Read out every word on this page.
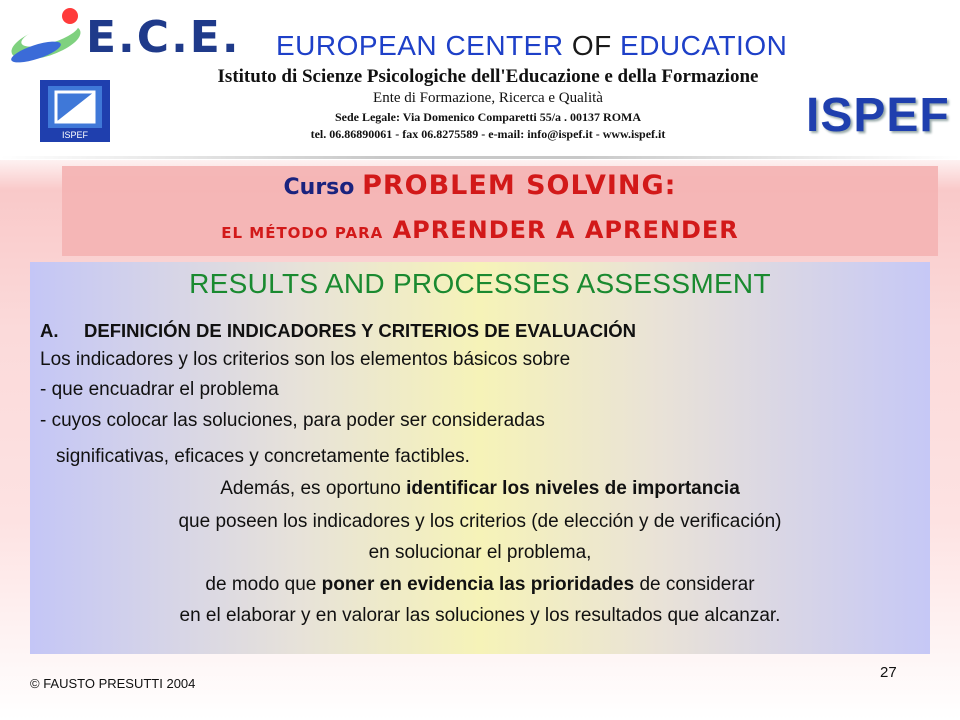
E.C.E. EUROPEAN CENTER OF EDUCATION
ISPEF
Istituto di Scienze Psicologiche dell'Educazione e della Formazione
Ente di Formazione, Ricerca e Qualità
Sede Legale: Via Domenico Comparetti 55/a . 00137 ROMA
tel. 06.86890061 - fax 06.8275589 - e-mail: info@ispef.it - www.ispef.it	ISPEF
Curso PROBLEM SOLVING:
EL MÉTODO PARA APRENDER A APRENDER
RESULTS AND PROCESSES ASSESSMENT
A. DEFINICIÓN DE INDICADORES Y CRITERIOS DE EVALUACIÓN
Los indicadores y los criterios son los elementos básicos sobre
- que encuadrar el problema
- cuyos colocar las soluciones, para poder ser consideradas
significativas, eficaces y concretamente factibles.
Además, es oportuno identificar los niveles de importancia
que poseen los indicadores y los criterios (de elección y de verificación)
en solucionar el problema,
de modo que poner en evidencia las prioridades de considerar
en el elaborar y en valorar las soluciones y los resultados que alcanzar.
27
© FAUSTO PRESUTTI 2004
